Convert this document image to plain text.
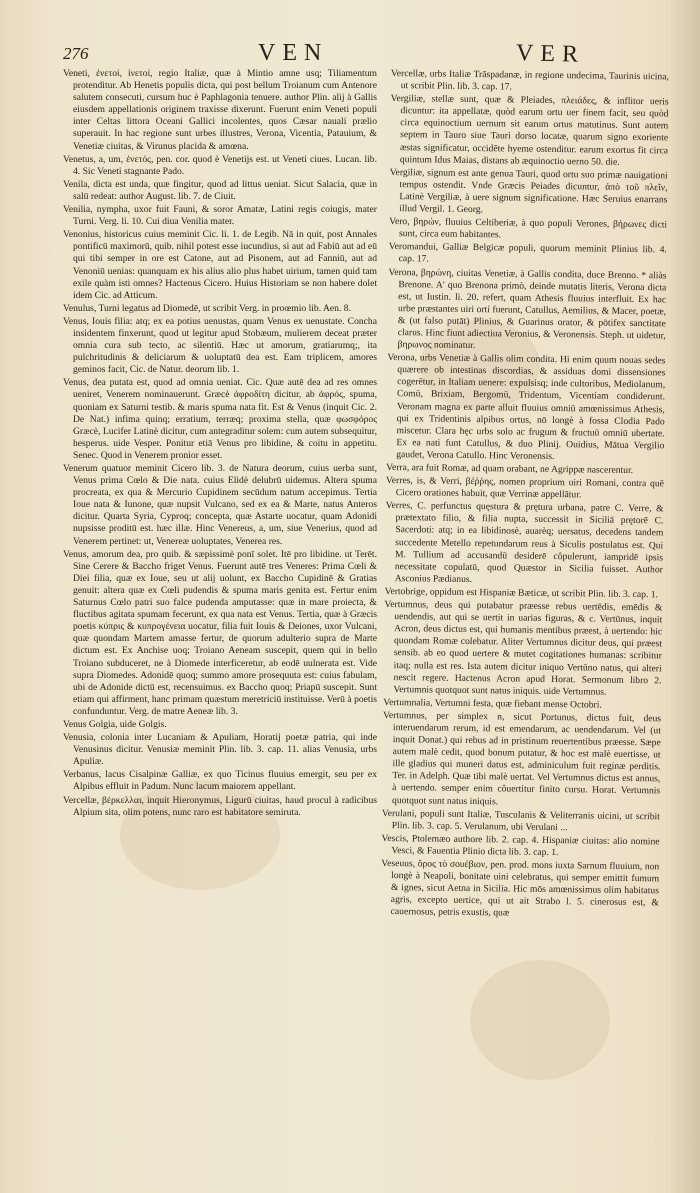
276	VEN	VER

Veneti, ἐνετοί, ἰνετοί, regio Italiæ, quæ à Mintio amne usq; Tiliamentum protenditur. Ab Henetis populis dicta, qui post bellum Troianum cum Antenore salutem consecuti, cursum huc è Paphlagonia tenuere. author Plin. alij à Gallis eiusdem appellationis originem traxisse dixerunt. Fuerunt enim Veneti populi inter Celtas littora Oceani Gallici incolentes, quos Cæsar naualí prælio superauit. In hac regione sunt urbes illustres, Verona, Vicentia, Patauium, & Venetiæ ciuitas, & Virunus placida & amœna.

Venetus, a, um, ἐνετός, pen. cor. quod è Venetijs est. ut Veneti ciues. Lucan. lib. 4. Sic Veneti stagnante Pado.

Venila, dicta est unda, quæ fingitur, quod ad littus ueniat. Sicut Salacia, quæ in salū redeat: author August. lib. 7. de Ciuit.

Venilia, nympha, uxor fuit Fauni, & soror Amatæ, Latini regis coiugis, mater Turni. Verg. li. 10. Cui diua Venilia mater.

Venonius, historicus cuius meminit Cic. li. 1. de Legib. Nā in quit, post Annales pontificū maximorū, quib. nihil potest esse iucundius, si aut ad Fabiū aut ad eū qui tibi semper in ore est Catone, aut ad Pisonem, aut ad Fanniū, aut ad Venoniū uenias: quanquam ex his alius alio plus habet uirium, tamen quid tam exile quàm isti omnes? Hactenus Cicero. Huius Historiam se non habere dolet idem Cic. ad Atticum.

Venulus, Turni legatus ad Diomedē, ut scribit Verg. in proœmio lib. Aen. 8.

Venus, Iouis filia: atq; ex ea potius uenustas, quam Venus ex uenustate. Concha insidentem finxerunt, quod ut legitur apud Stobæum, mulierem deceat præter omnia cura sub tecto, ac silentiū. Hæc ut amorum, gratiarumq;, ita pulchritudinis & deliciarum & uoluptatū dea est. Eam triplicem, amores geminos facit, Cic. de Natur. deorum lib. 1.

Venus, dea putata est, quod ad omnia ueniat. Cic. Quæ autē dea ad res omnes ueniret, Venerem nominauerunt. Græcè ἀφροδίτη dicitur, ab ἀφρός, spuma, quoniam ex Saturni testib. & maris spuma nata fit. Est & Venus (inquit Cic. 2. De Nat.) infima quinq; erratium, terræq; proxima stella, quæ φωσφόρος Græcè, Lucifer Latinè dicitur, cum antegraditur solem: cum autem subsequitur, hesperus. uide Vesper. Ponitur etiā Venus pro libidine, & coitu in appetitu. Senec. Quod in Venerem pronior esset.

Venerum quatuor meminit Cicero lib. 3. de Natura deorum, cuius uerba sunt, Venus prima Cœlo & Die nata. cuius Elidè delubrū uidemus. Altera spuma procreata, ex qua & Mercurio Cupidinem secūdum natum accepimus. Tertia Ioue nata & Iunone, quæ nupsit Vulcano, sed ex ea & Marte, natus Anteros dicitur. Quarta Syria, Cyproq; concepta, quæ Astarte uocatur, quam Adonidi nupsisse proditū est. hæc illæ. Hinc Venereus, a, um, siue Venerius, quod ad Venerem pertinet: ut, Venereæ uoluptates, Venerea res.

Venus, amorum dea, pro quib. & sæpissimè ponī solet. Itē pro libidine. ut Terēt. Sine Cerere & Baccho friget Venus. Fuerunt autē tres Veneres: Prima Cœli & Diei filia, quæ ex Ioue, seu ut alij uolunt, ex Baccho Cupidinē & Gratias genuit: altera quæ ex Cœli pudendis & spuma maris genita est. Fertur enim Saturnus Cœlo patri suo falce pudenda amputasse: quæ in mare proiecta, & fluctibus agitata spumam fecerunt, ex qua nata est Venus. Tertia, quæ à Græcis poetis κύπρις & κυπρογένεια uocatur, filia fuit Iouis & Deiones, uxor Vulcani, quæ quondam Martem amasse fertur, de quorum adulterio supra de Marte dictum est. Ex Anchise uoq; Troiano Aeneam suscepit, quem qui in bello Troiano subduceret, ne à Diomede interficeretur, ab eodē uulnerata est. Vide supra Diomedes. Adonidē quoq; summo amore prosequuta est: cuius fabulam, ubi de Adonide dictū est, recensuimus. ex Baccho quoq; Priapū suscepit. Sunt etiam qui affirment, hanc primam quæstum meretriciū instituisse. Verū à poetis confunduntur. Verg. de matre Aeneæ lib. 3.

Venus Golgia, uide Golgis.

Venusia, colonia inter Lucaniam & Apuliam, Horatij poetæ patria, qui inde Venusinus dicitur. Venusiæ meminit Plin. lib. 3. cap. 11. alias Venusia, urbs Apuliæ.

Verbanus, lacus Cisalpinæ Galliæ, ex quo Ticinus fluuius emergit, seu per ex Alpibus effluit in Padum. Nunc lacum maiorem appellant.

Vercellæ, βέρκελλαι, inquit Hieronymus, Ligurū ciuitas, haud procul à radicibus Alpium sita, olim potens, nunc raro est habitatore semiruta.

Vercellæ, urbs Italiæ Trāspadanæ, in regione undecima, Taurinis uicina, ut scribit Plin. lib. 3. cap. 17.

Vergiliæ, stellæ sunt, quæ & Pleiades, πλειάδες, & inflitor ueris dicuntur: ita appellatæ, quòd earum ortu uer finem facit, seu quòd circa equinoctium uernum sit earum ortus matutinus. Sunt autem septem in Tauro siue Tauri dorso locatæ, quarum signo exoriente æstas significatur, occidēte hyeme ostenditur. earum exortus fit circa quintum Idus Maias, distans ab æquinoctio uerno 50. die.

Vergiliæ, signum est ante genua Tauri, quod ortu suo primæ nauigationi tempus ostendit. Vnde Græcis Peiades dicuntur, ἀπὸ τοῦ πλεῖν, Latinè Vergiliæ, à uere signum significatione. Hæc Seruius enarrans illud Vergil. 1. Georg.

Vero, βηρών, fluuius Celtiberiæ, à quo populi Verones, βήρωνες dicti sunt, circa eum habitantes.

Veromandui, Galliæ Belgicæ populi, quorum meminit Plinius lib. 4. cap. 17.

Verona, βηρώνη, ciuitas Venetiæ, à Gallis condita, duce Brenno. * aliàs Brenone. A' quo Brenona primò, deinde mutatis literis, Verona dicta est, ut Iustin. li. 20. refert, quam Athesis fluuius interfluit. Ex hac urbe præstantes uiri ortí fuerunt, Catullus, Aemilius, & Macer, poetæ, & (ut falso putāt) Plinius, & Guarinus orator, & pōtifex sanctitate clarus. Hinc fiunt adiectiua Veronius, & Veronensis. Steph. ut uidetur, βηρωνος nominatur.

Verona, urbs Venetiæ à Gallis olim condita. Hi enim quum nouas sedes quærere ob intestinas discordias, & assiduas domi dissensiones cogerētur, in Italiam uenere: expulsisq; inde cultoribus, Mediolanum, Comū, Brixiam, Bergomū, Tridentum, Vicentiam condiderunt. Veronam magna ex parte alluit fluuius omniū amœnissimus Athesis, qui ex Tridentinis alpibus ortus, nō longè à fossa Clodia Pado miscetur. Clara hęc urbs solo ac frugum & fructuū omniū ubertate. Ex ea nati funt Catullus, & duo Plinij. Ouidius, Mātua Vergilio gaudet, Verona Catullo. Hinc Veronensis.

Verra, ara fuit Romæ, ad quam orabant, ne Agrippæ nascerentur.

Verres, is, & Verri, βέῤῥης, nomen proprium uiri Romani, contra quē Cicero orationes habuit, quæ Verrinæ appellātur.

Verres, C. perfunctus quęstura & prętura urbana, patre C. Verre, & prætextato filio, & filia nupta, successit in Siciliā prętorē C. Sacerdoti: atq; in ea libidinosè, auarèq; uersatus, decedens tandem succedente Metello repetundarum reus à Siculis postulatus est. Qui M. Tullium ad accusandū desiderē côpulerunt, iampridē ipsis necessitate copulatū, quod Quæstor in Sicilia fuisset. Author Asconius Pædianus.

Vertobrige, oppidum est Hispaniæ Bæticæ, ut scribit Plin. lib. 3. cap. 1.

Vertumnus, deus qui putabatur præesse rebus uertēdis, emēdis & uendendis, aut qui se uertit in uarias figuras, & c. Vertūnus, inquit Acron, deus dictus est, qui humanis mentibus præest, à uertendo: hic quondam Romæ colebatur. Aliter Vertumnus dicitur deus, qui præest sensib. ab eo quod uertere & mutet cogitationes humanas: scribitur itaq; nulla est res. Ista autem dicitur iniquo Vertūno natus, qui alteri nescit regere. Hactenus Acron apud Horat. Sermonum libro 2. Vertumnis quotquot sunt natus iniquis. uide Vertumnus.

Vertumnalia, Vertumni festa, quæ fiebant mense Octobri.

Vertumnus, per simplex n, sicut Portunus, dictus fuit, deus interuendarum rerum, id est emendarum, ac uendendarum. Vel (ut inquit Donat.) qui rebus ad in pristinum reuertentibus præesse. Sæpe autem malè cedit, quod bonum putatur, & hoc est malè euertisse, ut ille gladius qui muneri datus est, adminiculum fuit reginæ perditis. Ter. in Adelph. Quæ tibi malè uertat. Vel Vertumnus dictus est annus, à uertendo. semper enim côuertitur finito cursu. Horat. Vertumnis quotquot sunt natus iniquis.

Verulani, populi sunt Italiæ, Tusculanis & Veliterranis uicini, ut scribit Plin. lib. 3. cap. 5. Verulanum, ubi Verulani ...

Vescis, Ptolemæo authore lib. 2. cap. 4. Hispaniæ ciuitas: alio nomine Vesci, & Fauentia Plinio dicta lib. 3. cap. 1.

Veseuus, ὄρος τὸ σουέβιον, pen. prod. mons iuxta Sarnum fluuium, non longè à Neapoli, bonitate uini celebratus, qui semper emittit fumum & ignes, sicut Aetna in Sicilia. Hic mōs amœnissimus olim habitatus agris, excepto uertice, qui ut ait Strabo l. 5. cinerosus est, & cauernosus, petris exustis, quæ
